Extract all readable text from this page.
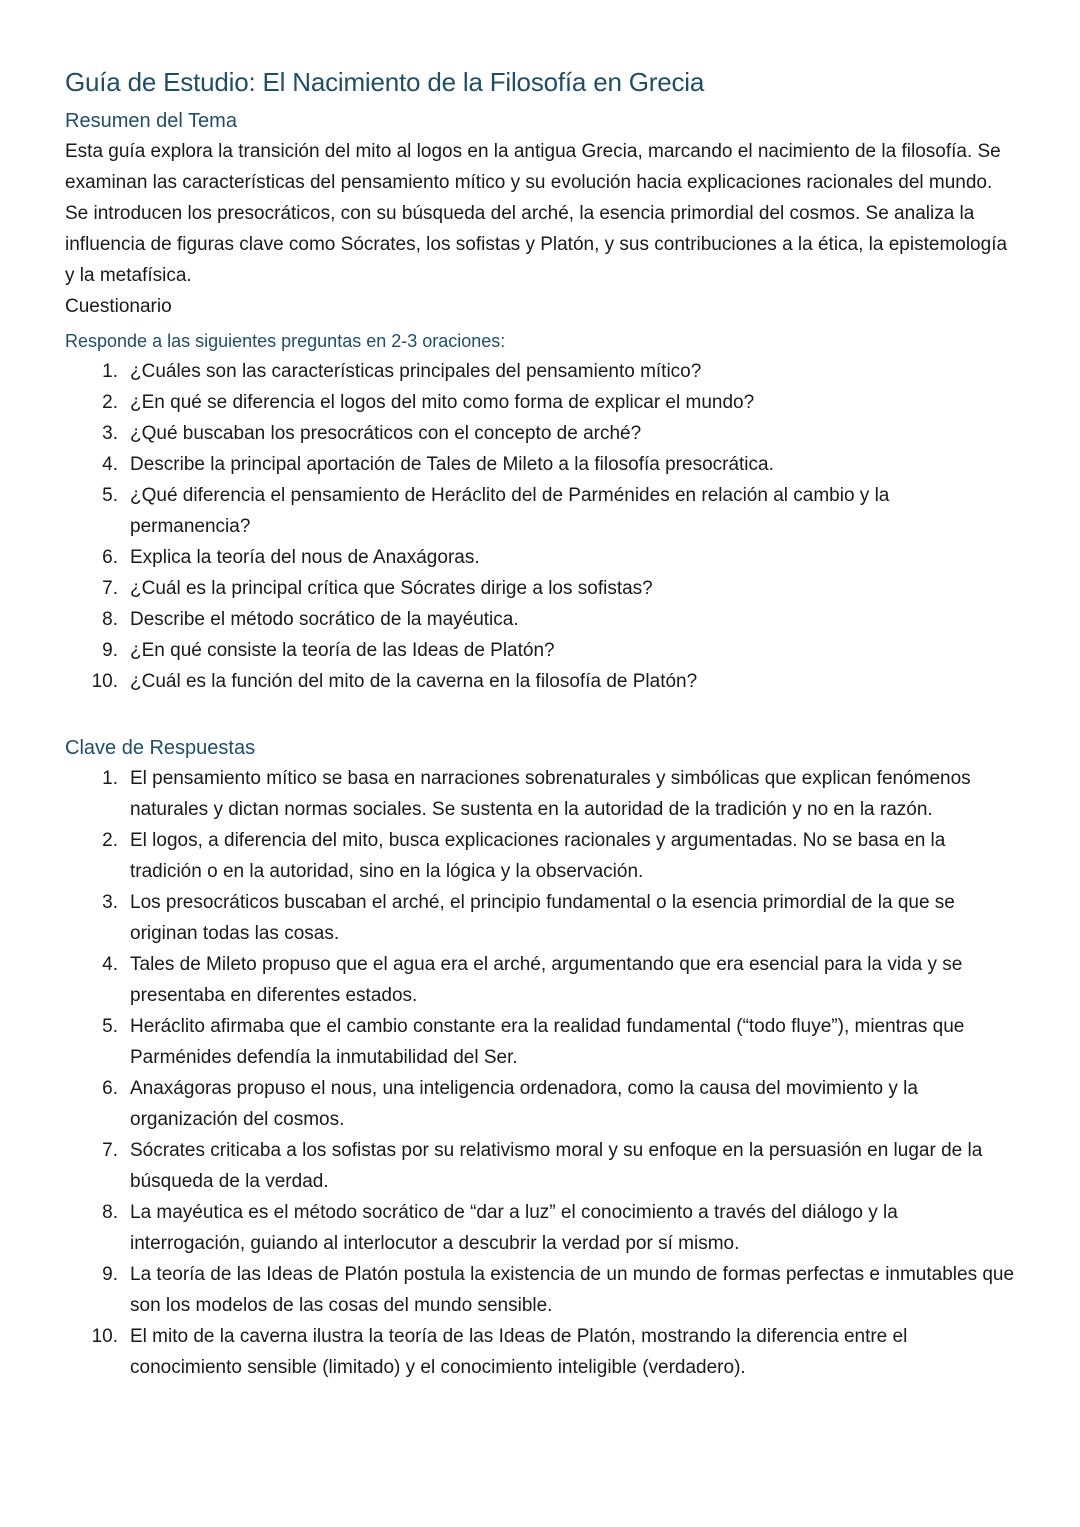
Guía de Estudio: El Nacimiento de la Filosofía en Grecia
Resumen del Tema

Esta guía explora la transición del mito al logos en la antigua Grecia, marcando el nacimiento de la filosofía. Se examinan las características del pensamiento mítico y su evolución hacia explicaciones racionales del mundo. Se introducen los presocráticos, con su búsqueda del arché, la esencia primordial del cosmos. Se analiza la influencia de figuras clave como Sócrates, los sofistas y Platón, y sus contribuciones a la ética, la epistemología y la metafísica.

Cuestionario
Responde a las siguientes preguntas en 2-3 oraciones:
1. ¿Cuáles son las características principales del pensamiento mítico?
2. ¿En qué se diferencia el logos del mito como forma de explicar el mundo?
3. ¿Qué buscaban los presocráticos con el concepto de arché?
4. Describe la principal aportación de Tales de Mileto a la filosofía presocrática.
5. ¿Qué diferencia el pensamiento de Heráclito del de Parménides en relación al cambio y la permanencia?
6. Explica la teoría del nous de Anaxágoras.
7. ¿Cuál es la principal crítica que Sócrates dirige a los sofistas?
8. Describe el método socrático de la mayéutica.
9. ¿En qué consiste la teoría de las Ideas de Platón?
10. ¿Cuál es la función del mito de la caverna en la filosofía de Platón?
Clave de Respuestas
1. El pensamiento mítico se basa en narraciones sobrenaturales y simbólicas que explican fenómenos naturales y dictan normas sociales. Se sustenta en la autoridad de la tradición y no en la razón.
2. El logos, a diferencia del mito, busca explicaciones racionales y argumentadas. No se basa en la tradición o en la autoridad, sino en la lógica y la observación.
3. Los presocráticos buscaban el arché, el principio fundamental o la esencia primordial de la que se originan todas las cosas.
4. Tales de Mileto propuso que el agua era el arché, argumentando que era esencial para la vida y se presentaba en diferentes estados.
5. Heráclito afirmaba que el cambio constante era la realidad fundamental (“todo fluye”), mientras que Parménides defendía la inmutabilidad del Ser.
6. Anaxágoras propuso el nous, una inteligencia ordenadora, como la causa del movimiento y la organización del cosmos.
7. Sócrates criticaba a los sofistas por su relativismo moral y su enfoque en la persuasión en lugar de la búsqueda de la verdad.
8. La mayéutica es el método socrático de “dar a luz” el conocimiento a través del diálogo y la interrogación, guiando al interlocutor a descubrir la verdad por sí mismo.
9. La teoría de las Ideas de Platón postula la existencia de un mundo de formas perfectas e inmutables que son los modelos de las cosas del mundo sensible.
10. El mito de la caverna ilustra la teoría de las Ideas de Platón, mostrando la diferencia entre el conocimiento sensible (limitado) y el conocimiento inteligible (verdadero).
